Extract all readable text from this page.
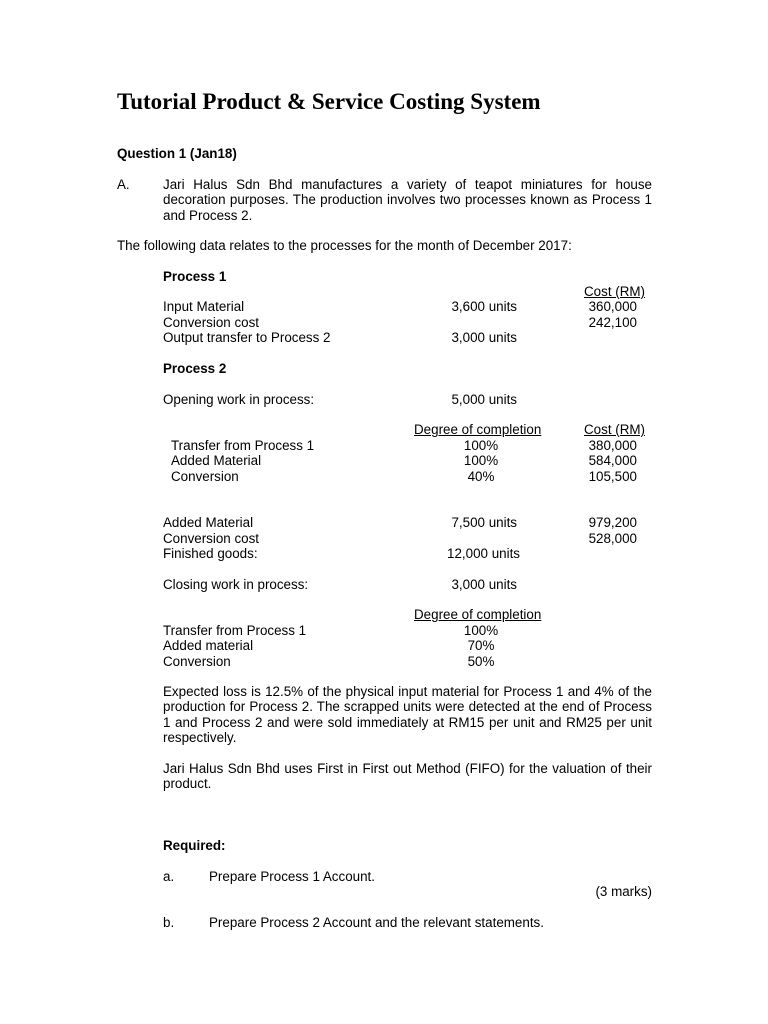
Tutorial Product & Service Costing System
Question 1 (Jan18)
A. Jari Halus Sdn Bhd manufactures a variety of teapot miniatures for house decoration purposes. The production involves two processes known as Process 1 and Process 2.
The following data relates to the processes for the month of December 2017:
Process 1
Cost (RM)
Input Material	3,600 units	360,000
Conversion cost	242,100
Output transfer to Process 2	3,000 units
Process 2
Opening work in process:	5,000 units
Degree of completion	Cost (RM)
Transfer from Process 1	100%	380,000
Added Material	100%	584,000
Conversion	40%	105,500
Added Material	7,500 units	979,200
Conversion cost	528,000
Finished goods:	12,000 units
Closing work in process:	3,000 units
Degree of completion
Transfer from Process 1	100%
Added material	70%
Conversion	50%
Expected loss is 12.5% of the physical input material for Process 1 and 4% of the production for Process 2. The scrapped units were detected at the end of Process 1 and Process 2 and were sold immediately at RM15 per unit and RM25 per unit respectively.
Jari Halus Sdn Bhd uses First in First out Method (FIFO) for the valuation of their product.
Required:
a.	Prepare Process 1 Account.
(3 marks)
b.	Prepare Process 2 Account and the relevant statements.
